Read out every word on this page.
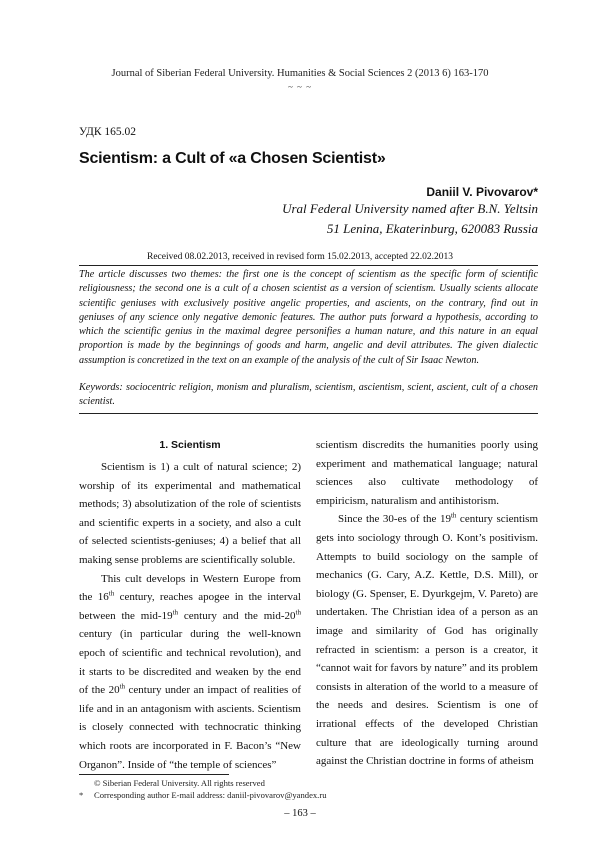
Journal of Siberian Federal University. Humanities & Social Sciences 2 (2013 6) 163-170
~ ~ ~
УДК 165.02
Scientism: a Cult of «a Chosen Scientist»
Daniil V. Pivovarov*
Ural Federal University named after B.N. Yeltsin
51 Lenina, Ekaterinburg, 620083 Russia
Received 08.02.2013, received in revised form 15.02.2013, accepted 22.02.2013
The article discusses two themes: the first one is the concept of scientism as the specific form of scientific religiousness; the second one is a cult of a chosen scientist as a version of scientism. Usually scients allocate scientific geniuses with exclusively positive angelic properties, and ascients, on the contrary, find out in geniuses of any science only negative demonic features. The author puts forward a hypothesis, according to which the scientific genius in the maximal degree personifies a human nature, and this nature in an equal proportion is made by the beginnings of goods and harm, angelic and devil attributes. The given dialectic assumption is concretized in the text on an example of the analysis of the cult of Sir Isaac Newton.
Keywords: sociocentric religion, monism and pluralism, scientism, ascientism, scient, ascient, cult of a chosen scientist.
1. Scientism

Scientism is 1) a cult of natural science; 2) worship of its experimental and mathematical methods; 3) absolutization of the role of scientists and scientific experts in a society, and also a cult of selected scientists-geniuses; 4) a belief that all making sense problems are scientifically soluble.

This cult develops in Western Europe from the 16th century, reaches apogee in the interval between the mid-19th century and the mid-20th century (in particular during the well-known epoch of scientific and technical revolution), and it starts to be discredited and weaken by the end of the 20th century under an impact of realities of life and in an antagonism with ascients. Scientism is closely connected with technocratic thinking which roots are incorporated in F. Bacon’s “New Organon”. Inside of “the temple of sciences”

scientism discredits the humanities poorly using experiment and mathematical language; natural sciences also cultivate methodology of empiricism, naturalism and antihistorism.

Since the 30-es of the 19th century scientism gets into sociology through O. Kont’s positivism. Attempts to build sociology on the sample of mechanics (G. Cary, A.Z. Kettle, D.S. Mill), or biology (G. Spenser, E. Dyurkgejm, V. Pareto) are undertaken. The Christian idea of a person as an image and similarity of God has originally refracted in scientism: a person is a creator, it “cannot wait for favors by nature” and its problem consists in alteration of the world to a measure of the needs and desires. Scientism is one of irrational effects of the developed Christian culture that are ideologically turning around against the Christian doctrine in forms of atheism

© Siberian Federal University. All rights reserved
*	Corresponding author E-mail address: daniil-pivovarov@yandex.ru
– 163 –
